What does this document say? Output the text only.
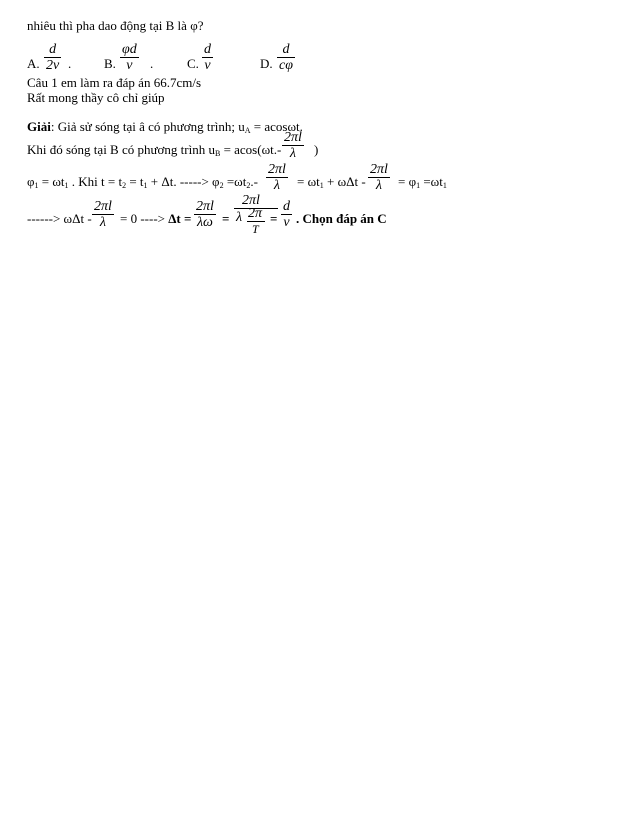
nhiêu thì pha dao động tại B là φ?
A.
d
2v .	B.
φd
v	.	C.
d
v	D.
d
cφ
Câu 1 em làm ra đáp án 66.7cm/s
Rất mong thầy cô chỉ giúp
Giải: Giả sử sóng tại â có phương trình; $u_A = acos\omega t$.
Khi đó sóng tại B có phương trình $u_B = acos(\omega t.-$
2πl
λ	)
$\varphi_1 = \omega t_1$ . Khi $t = t_2 = t_1 + \Delta t$. -----> $\varphi_2 =\omega t_2.-$
2πl
λ	= $\omega t_1 + \omega\Delta t$ -
2πl
λ	= $\varphi_1 =\omega t_1$
------> ωΔt -
2πl
λ	= 0 ----> Δt =
2πl
λω =
2πl
λ 2π
T
=
d
v . Chọn đáp án C
